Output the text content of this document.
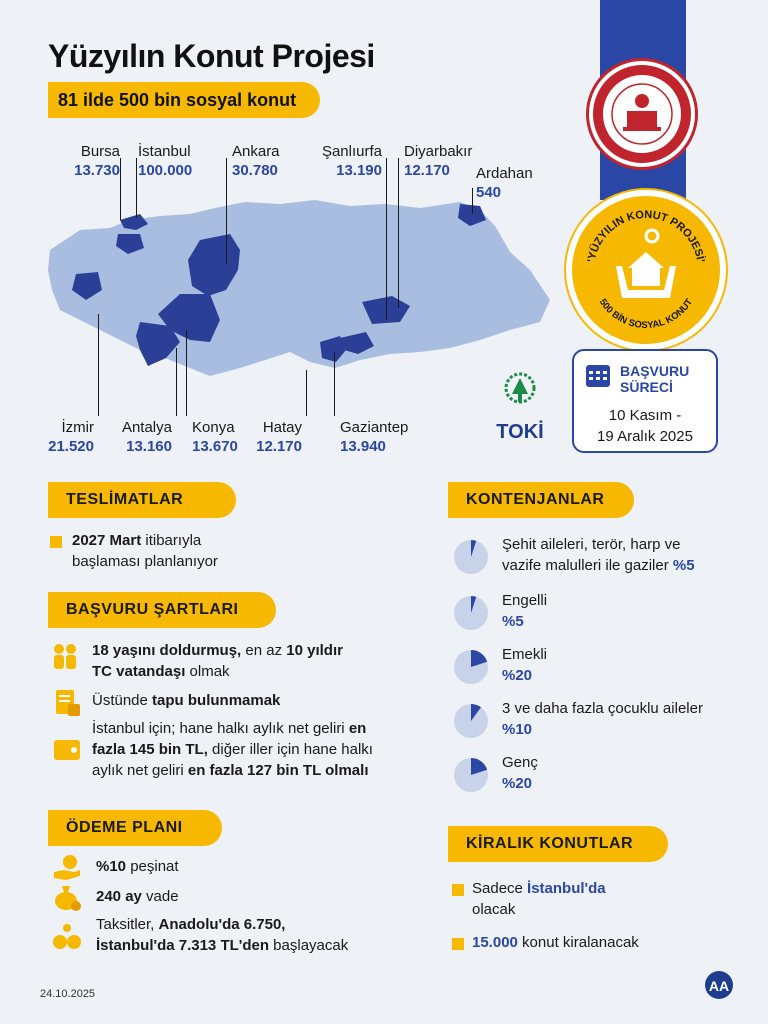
Yüzyılın Konut Projesi
81 ilde 500 bin sosyal konut
Bursa
13.730
İstanbul
100.000
Ankara
30.780
Şanlıurfa
13.190
Diyarbakır
12.170	Ardahan
540
İzmir
21.520
Antalya
13.160
Konya
13.670
Hatay
12.170
Gaziantep
13.940
'YÜZYILIN KONUT PROJESİ'
500 BİN SOSYAL KONUT
TOKİ
BAŞVURU
SÜRECİ
10 Kasım -
19 Aralık 2025
TESLİMATLAR
2027 Mart itibarıyla
başlaması planlanıyor
BAŞVURU ŞARTLARI
18 yaşını doldurmuş, en az 10 yıldır
TC vatandaşı olmak
Üstünde tapu bulunmamak
İstanbul için; hane halkı aylık net geliri en
fazla 145 bin TL, diğer iller için hane halkı
aylık net geliri en fazla 127 bin TL olmalı
ÖDEME PLANI
%10 peşinat
240 ay vade
Taksitler, Anadolu'da 6.750,
İstanbul'da 7.313 TL'den başlayacak
KONTENJANLAR
Şehit aileleri, terör, harp ve
vazife malulleri ile gaziler %5
Engelli
%5
Emekli
%20
3 ve daha fazla çocuklu aileler
%10
Genç
%20
KİRALIK KONUTLAR
Sadece İstanbul'da
olacak
15.000 konut kiralanacak
24.10.2025	AA
